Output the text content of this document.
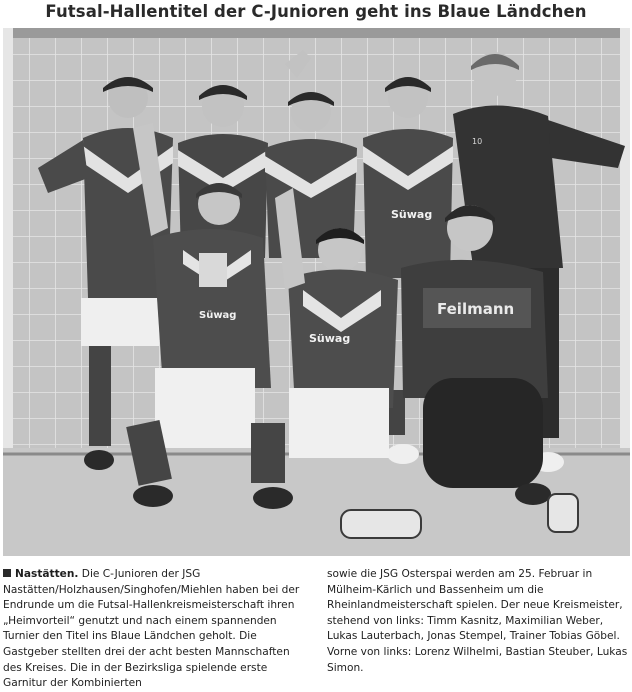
Futsal-Hallentitel der C-Junioren geht ins Blaue Ländchen
10
Süwag
Feilmann
Süwag
Süwag

Nastätten. Die C-Junioren der JSG Nastätten/Holzhausen/Singhofen/Miehlen haben bei der Endrunde um die Futsal-Hallenkreismeisterschaft ihren „Heimvorteil“ genutzt und nach einem spannenden Turnier den Titel ins Blaue Ländchen geholt. Die Gastgeber stellten drei der acht besten Mannschaften des Kreises. Die in der Bezirksliga spielende erste Garnitur der Kombinierten

sowie die JSG Osterspai werden am 25. Februar in Mülheim-Kärlich und Bassenheim um die Rheinlandmeisterschaft spielen. Der neue Kreismeister, stehend von links: Timm Kasnitz, Maximilian Weber, Lukas Lauterbach, Jonas Stempel, Trainer Tobias Göbel. Vorne von links: Lorenz Wilhelmi, Bastian Steuber, Lukas Simon.
